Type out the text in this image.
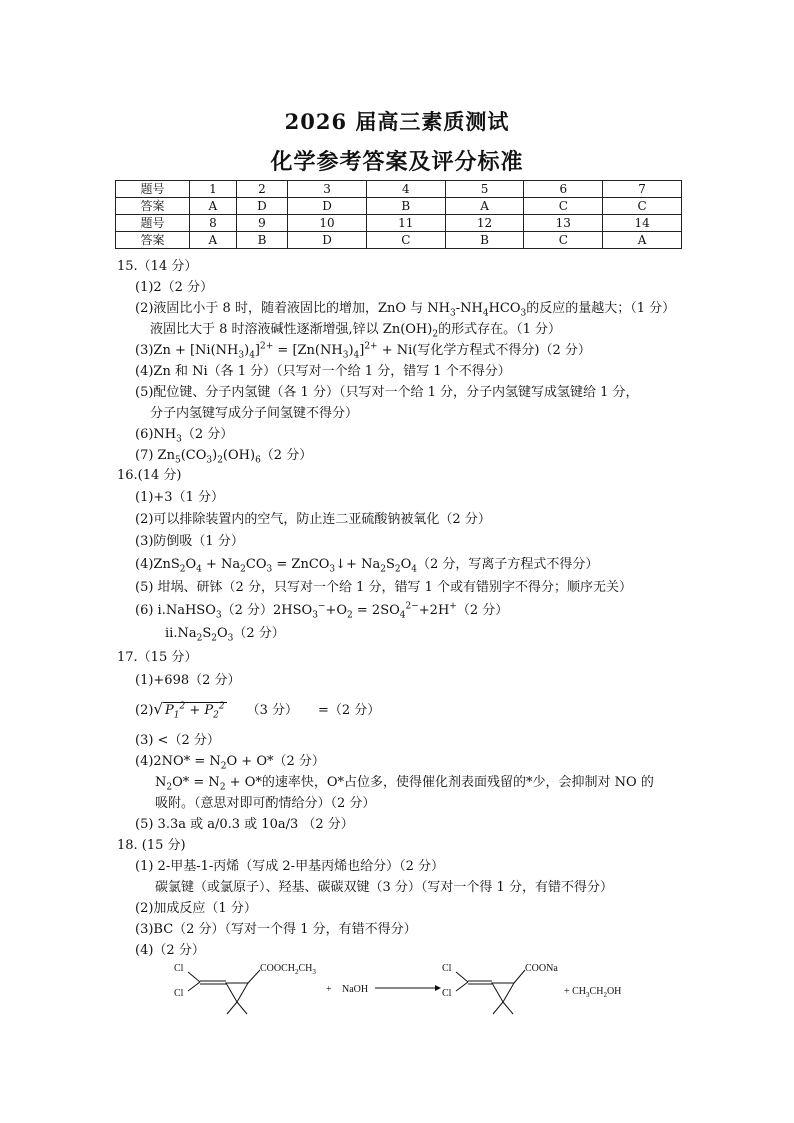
2026 届高三素质测试
化学参考答案及评分标准
题号	1	2	3	4	5	6	7
答案	A	D	D	B	A	C	C
题号	8	9	10	11	12	13	14
答案	A	B	D	C	B	C	A
15.（14 分）
(1)2（2 分）
(2)液固比小于 8 时，随着液固比的增加，ZnO 与 $NH_3-NH_4HCO_3$的反应的量越大；（1 分）
液固比大于 8 时溶液碱性逐渐增强,锌以 $Zn(OH)_2$的形式存在。（1 分）
$(3)Zn + [Ni(NH_3)_4]^{2+} = [Zn(NH_3)_4]^{2+} + Ni$(写化学方程式不得分)（2 分）
(4)Zn 和 Ni（各 1 分）（只写对一个给 1 分，错写 1 个不得分）
(5)配位键、分子内氢键（各 1 分）（只写对一个给 1 分，分子内氢键写成氢键给 1 分，
分子内氢键写成分子间氢键不得分）
$(6)NH_3(2$ 分）
(7) $Zn_5(CO_3)_2(OH)_6(2$ 分）
16.(14 分)
(1)+3（1 分）
(2)可以排除装置内的空气，防止连二亚硫酸钠被氧化（2 分）
(3)防倒吸（1 分）
$(4)ZnS_2O_4 + Na_2CO_3$ = ZnCO$_3$↓+ $Na_2S_2O_4(2$ 分，写离子方程式不得分）
(5) 坩埚、研钵（2 分，只写对一个给 1 分，错写 1 个或有错别字不得分；顺序无关）
(6) ⅰ.NaHSO$_3$（2 分）$2HSO_3^-+O_2 = 2SO_4^{2-}+2H^+(2$ 分）
$ⅱ.Na_2S_2O_3(2$ 分）
17.（15 分）
(1)+698（2 分）
(2)√ $P_1^2 + P_2^2$ （3 分） =（2 分）
(3) <（2 分）
$(4)2NO* = N_2O + O*(2$ 分）
$N_2O* = N_2 + O*$的速率快，O*占位多，使得催化剂表面残留的*少，会抑制对 NO 的
吸附。（意思对即可酌情给分）（2 分）
(5) 3.3a 或 a/0.3 或 10a/3 （2 分）
18. (15 分)
(1) 2-甲基-1-丙烯（写成 2-甲基丙烯也给分）（2 分）
碳氯键（或氯原子）、羟基、碳碳双键（3 分）（写对一个得 1 分，有错不得分）
(2)加成反应（1 分）
(3)BC（2 分）（写对一个得 1 分，有错不得分）
(4)（2 分）
Cl
Cl
$COOCH_2CH_3$
+ NaOH
Cl
Cl
COONa
+ $CH_3CH_2OH$
